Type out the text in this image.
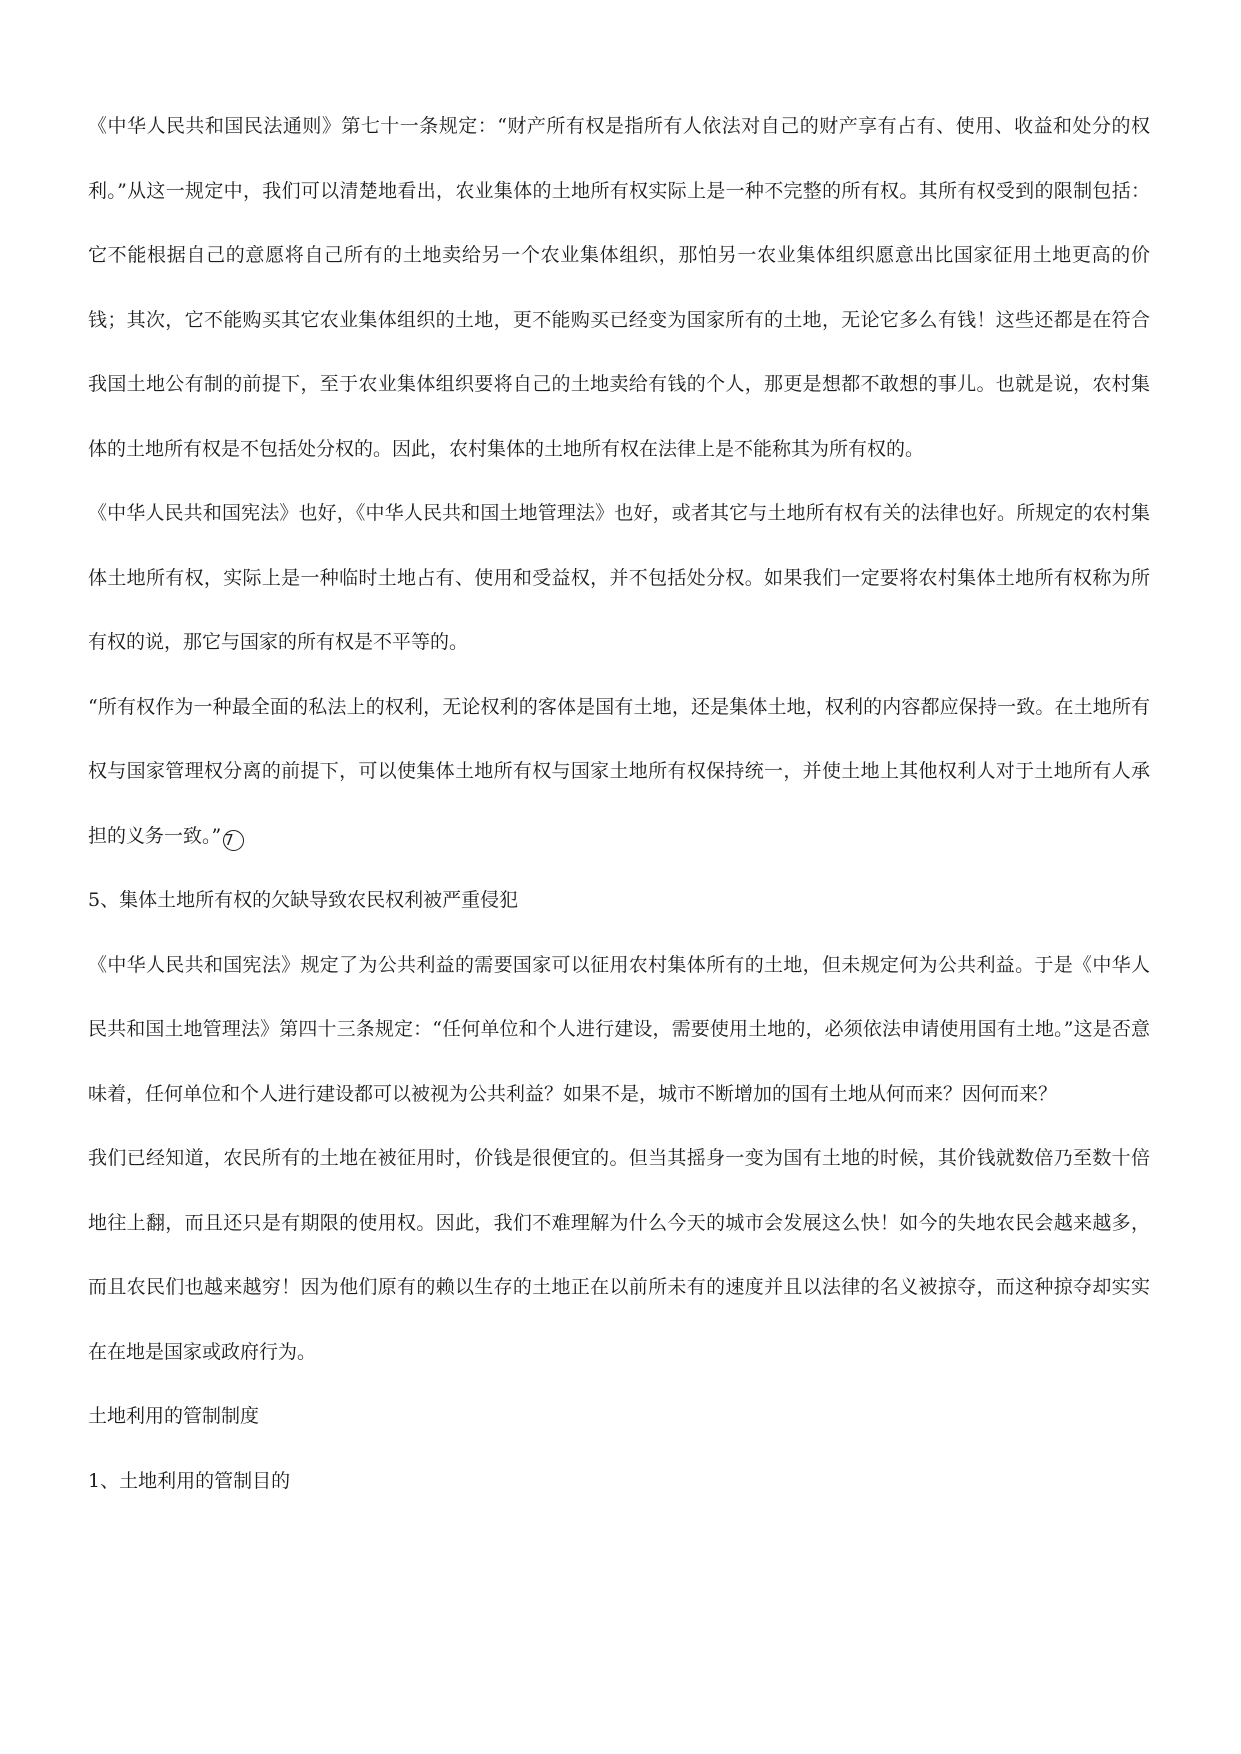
《中华人民共和国民法通则》第七十一条规定：“财产所有权是指所有人依法对自己的财产享有占有、使用、收益和处分的权利。”从这一规定中，我们可以清楚地看出，农业集体的土地所有权实际上是一种不完整的所有权。其所有权受到的限制包括：它不能根据自己的意愿将自己所有的土地卖给另一个农业集体组织，那怕另一农业集体组织愿意出比国家征用土地更高的价钱；其次，它不能购买其它农业集体组织的土地，更不能购买已经变为国家所有的土地，无论它多么有钱！这些还都是在符合我国土地公有制的前提下，至于农业集体组织要将自己的土地卖给有钱的个人，那更是想都不敢想的事儿。也就是说，农村集体的土地所有权是不包括处分权的。因此，农村集体的土地所有权在法律上是不能称其为所有权的。

《中华人民共和国宪法》也好，《中华人民共和国土地管理法》也好，或者其它与土地所有权有关的法律也好。所规定的农村集体土地所有权，实际上是一种临时土地占有、使用和受益权，并不包括处分权。如果我们一定要将农村集体土地所有权称为所有权的说，那它与国家的所有权是不平等的。

“所有权作为一种最全面的私法上的权利，无论权利的客体是国有土地，还是集体土地，权利的内容都应保持一致。在土地所有权与国家管理权分离的前提下，可以使集体土地所有权与国家土地所有权保持统一，并使土地上其他权利人对于土地所有人承担的义务一致。” 7

5、集体土地所有权的欠缺导致农民权利被严重侵犯

《中华人民共和国宪法》规定了为公共利益的需要国家可以征用农村集体所有的土地，但未规定何为公共利益。于是《中华人民共和国土地管理法》第四十三条规定：“任何单位和个人进行建设，需要使用土地的，必须依法申请使用国有土地。”这是否意味着，任何单位和个人进行建设都可以被视为公共利益？如果不是，城市不断增加的国有土地从何而来？因何而来？

我们已经知道，农民所有的土地在被征用时，价钱是很便宜的。但当其摇身一变为国有土地的时候，其价钱就数倍乃至数十倍地往上翻，而且还只是有期限的使用权。因此，我们不难理解为什么今天的城市会发展这么快！如今的失地农民会越来越多，而且农民们也越来越穷！因为他们原有的赖以生存的土地正在以前所未有的速度并且以法律的名义被掠夺，而这种掠夺却实实在在地是国家或政府行为。

土地利用的管制制度

1、土地利用的管制目的
